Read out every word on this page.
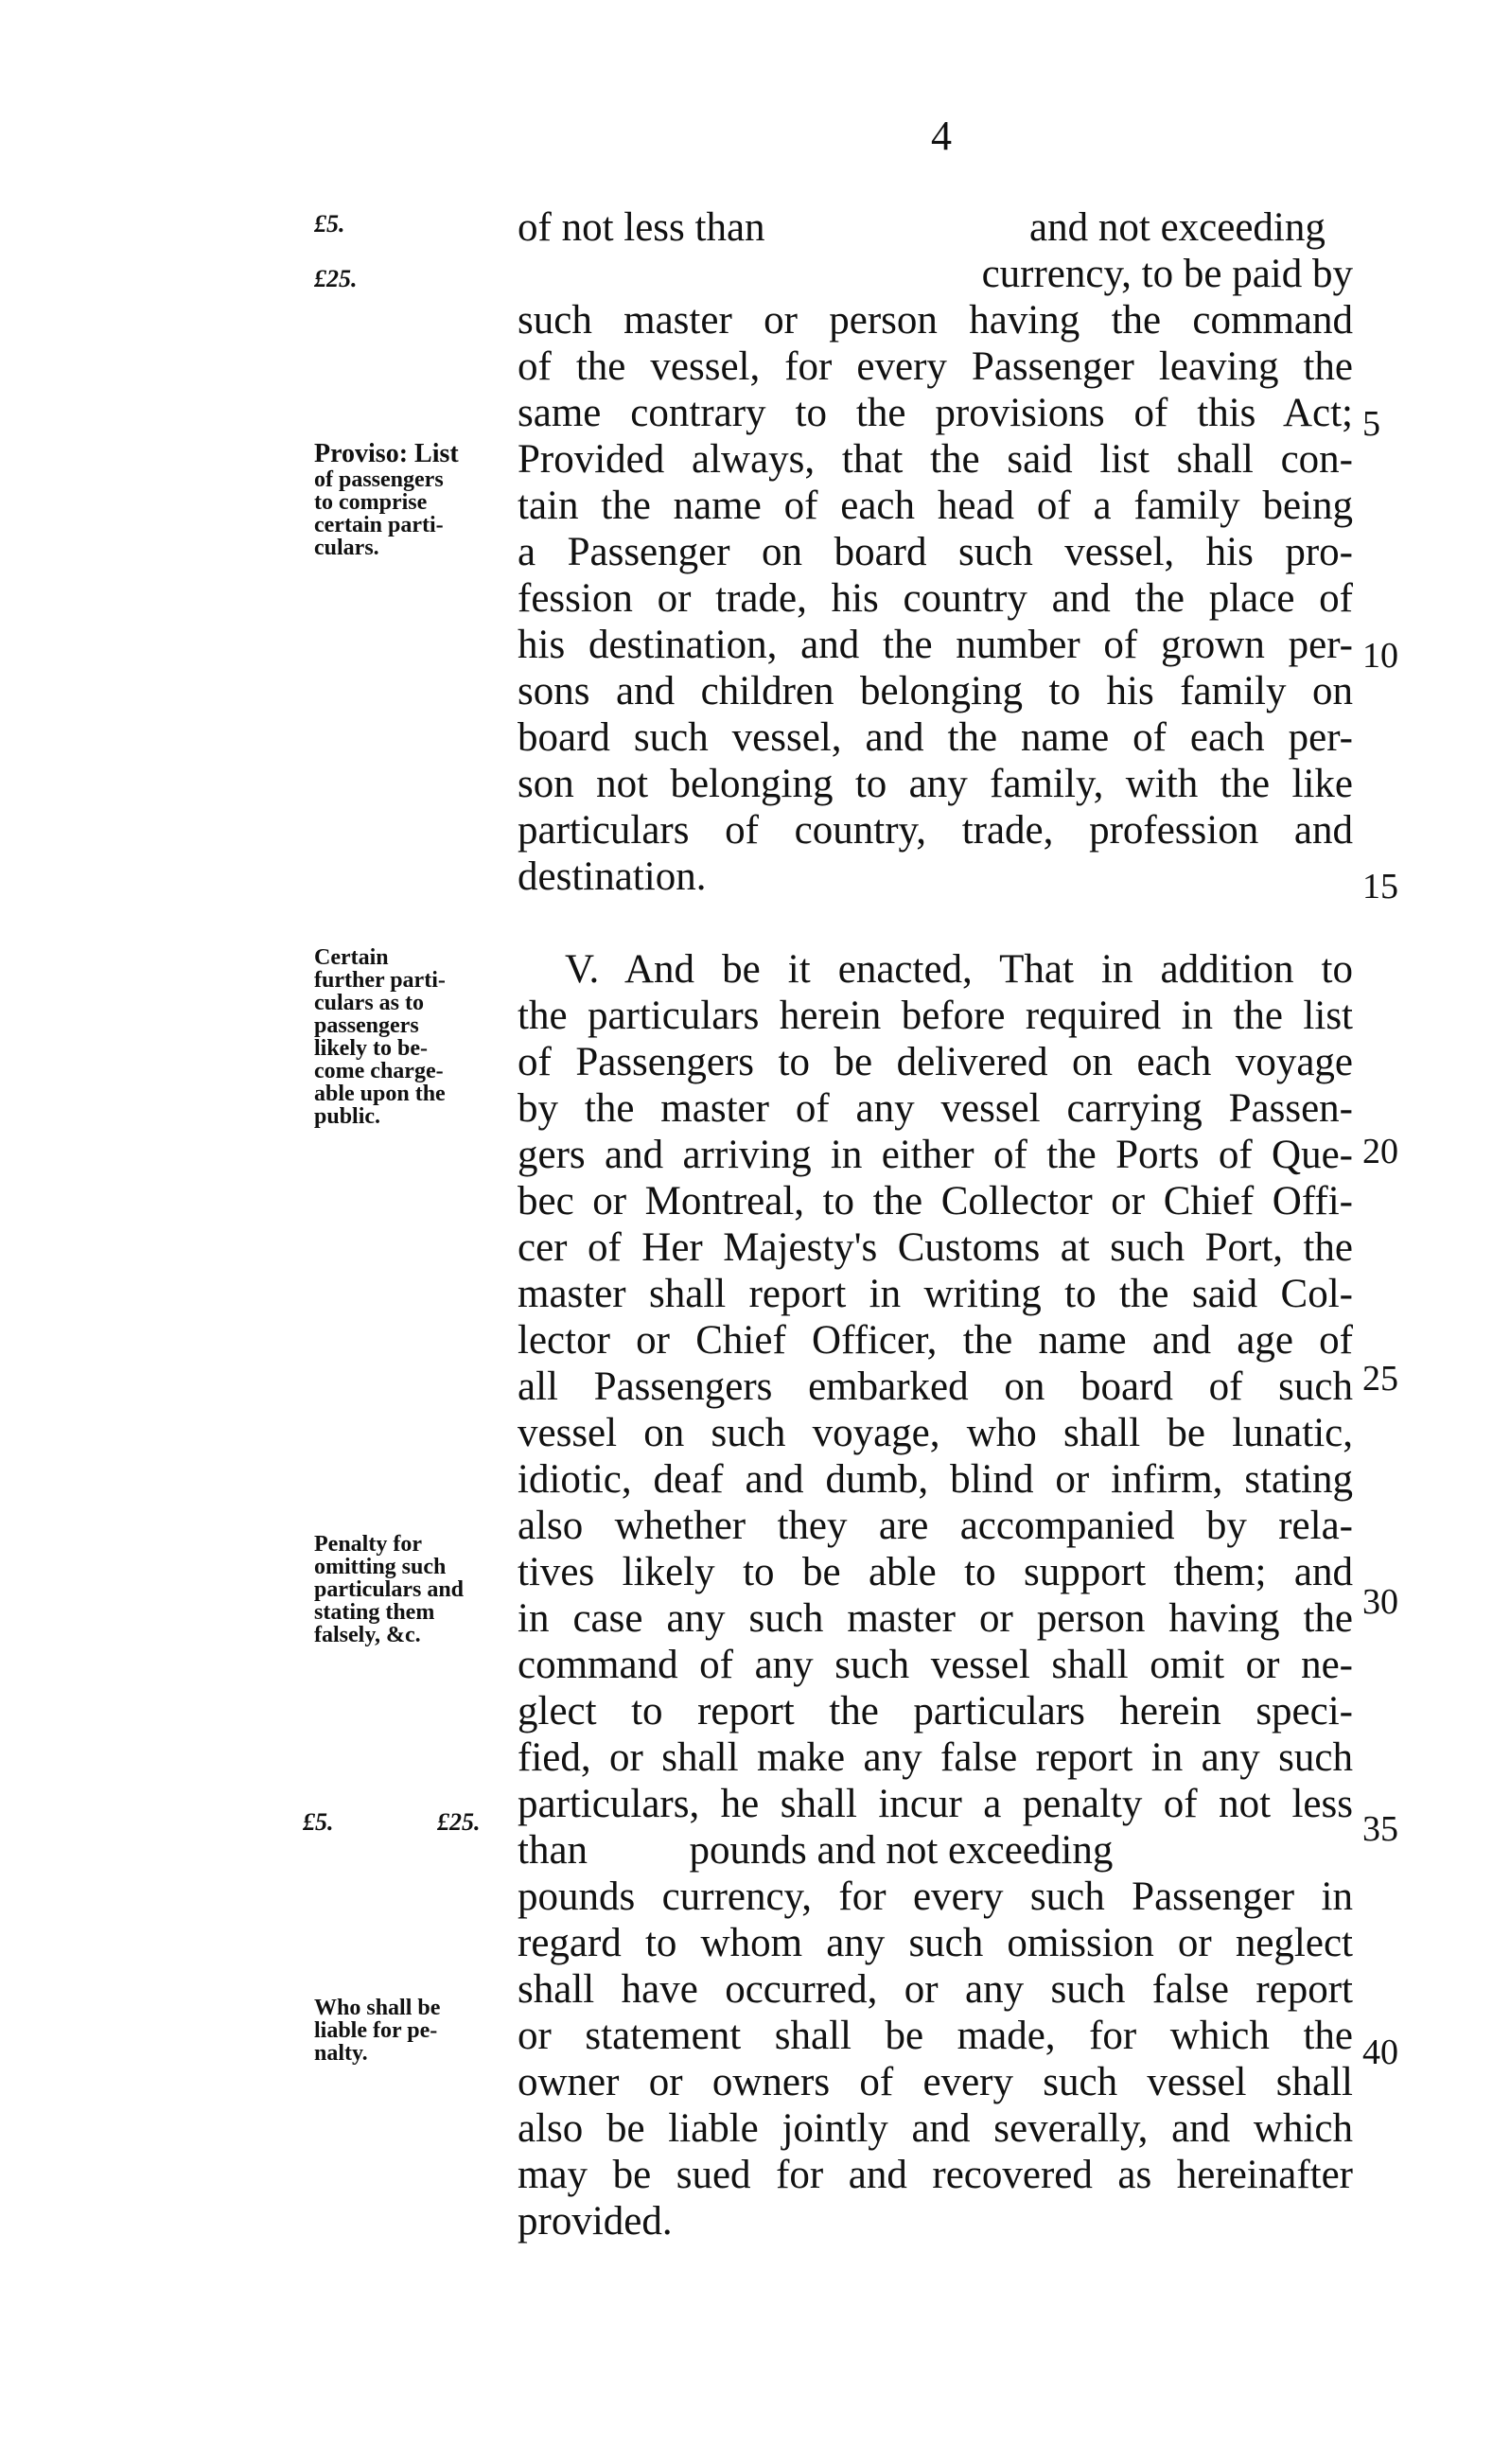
4
£5.
£25.
£5.	£25.
Proviso: List
of passengers
to comprise
certain parti-
culars.
Certain
further parti-
culars as to
passengers
likely to be-
come charge-
able upon the
public.
Penalty for
omitting such
particulars and
stating them
falsely, &c.
Who shall be
liable for pe-
nalty.
of not less than                          and not exceeding
currency, to be paid by
such master or person having the command
of the vessel, for every Passenger leaving the
same contrary to the provisions of this Act;
Provided always, that the said list shall con-
tain the name of each head of a family being
a Passenger on board such vessel, his pro-
fession or trade, his country and the place of
his destination, and the number of grown per-
sons and children belonging to his family on
board such vessel, and the name of each per-
son not belonging to any family, with the like
particulars of country, trade, profession and
destination.
V. And be it enacted, That in addition to
the particulars herein before required in the list
of Passengers to be delivered on each voyage
by the master of any vessel carrying Passen-
gers and arriving in either of the Ports of Que-
bec or Montreal, to the Collector or Chief Offi-
cer of Her Majesty's Customs at such Port, the
master shall report in writing to the said Col-
lector or Chief Officer, the name and age of
all Passengers embarked on board of such
vessel on such voyage, who shall be lunatic,
idiotic, deaf and dumb, blind or infirm, stating
also whether they are accompanied by rela-
tives likely to be able to support them; and
in case any such master or person having the
command of any such vessel shall omit or ne-
glect to report the particulars herein speci-
fied, or shall make any false report in any such
particulars, he shall incur a penalty of not less
than          pounds and not exceeding
pounds currency, for every such Passenger in
regard to whom any such omission or neglect
shall have occurred, or any such false report
or statement shall be made, for which the
owner or owners of every such vessel shall
also be liable jointly and severally, and which
may be sued for and recovered as hereinafter
provided.
5
10
15
20
25
30
35
40
